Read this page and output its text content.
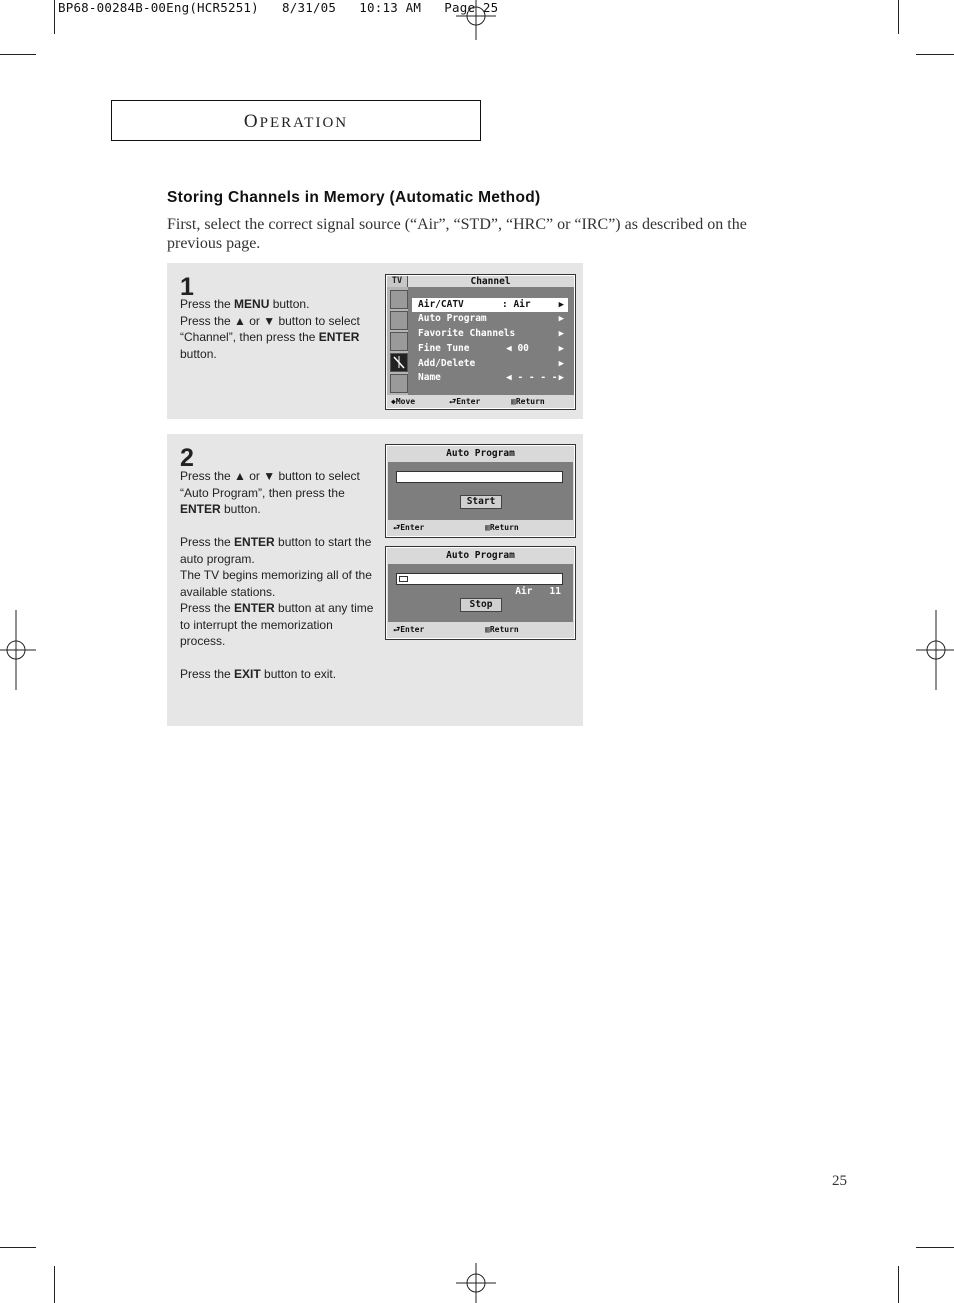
BP68-00284B-00Eng(HCR5251)   8/31/05   10:13 AM   Page 25
OPERATION
Storing Channels in Memory (Automatic Method)
First, select the correct signal source (“Air”, “STD”, “HRC” or “IRC”) as described on the previous page.
1

Press the MENU button.

Press the ▲ or ▼ button to select “Channel”, then press the ENTER button.

TV	Channel
Air/CATV	: Air	▶
Auto Program	▶
Favorite Channels	▶
Fine Tune	◀ 00	▶
Add/Delete	▶
Name	◀ - - - - ▶
◆Move	⮐Enter	▥Return
2

Press the ▲ or ▼ button to select “Auto Program”, then press the ENTER button.

Press the ENTER button to start the auto program.

The TV begins memorizing all of the available stations.

Press the ENTER button at any time to interrupt the memorization process.

Press the EXIT button to exit.

Auto Program
Start
⮐Enter	▥Return
Auto Program
Air 11
Stop
⮐Enter	▥Return
25
